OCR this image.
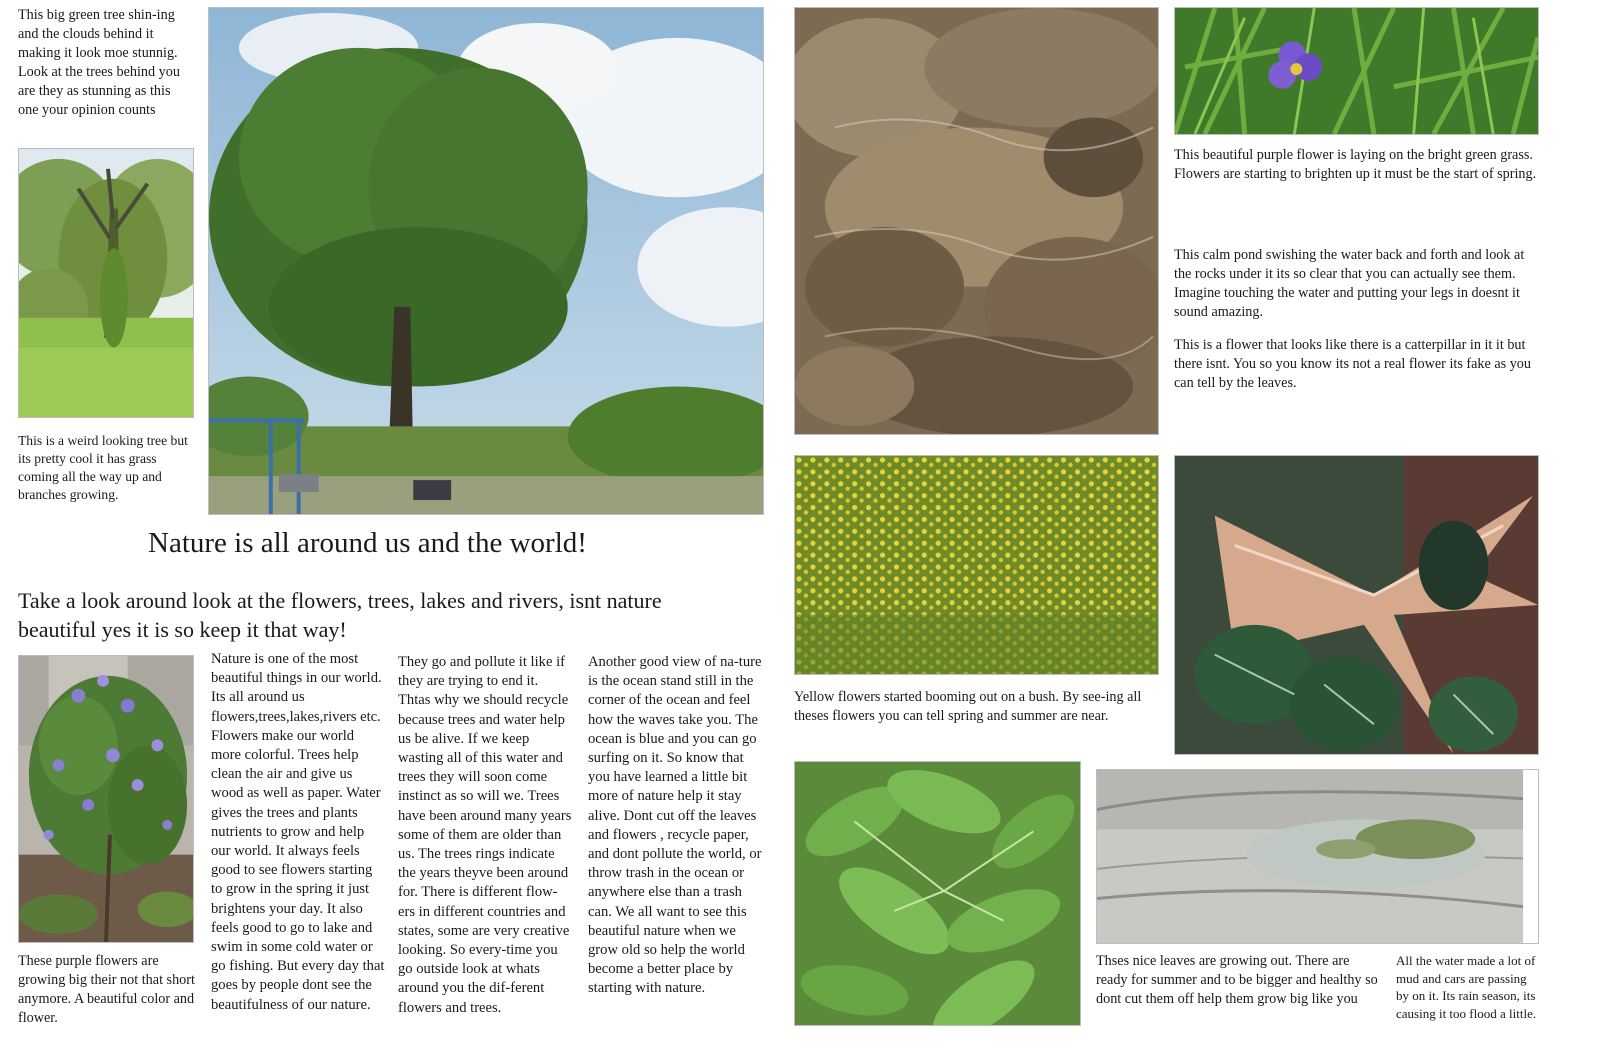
This big green tree shin-ing and the clouds behind it making it look moe stunnig. Look at the trees behind you are they as stunning as this one your opinion counts
This is a weird looking tree but its pretty cool it has grass coming all the way up and branches growing.
Nature is all around us and the world!
Take a look around look at the flowers, trees, lakes and rivers, isnt nature beautiful yes it is so keep it that way!
These purple flowers are growing big their not that short anymore. A beautiful color and flower.
Nature is one of the most beautiful things in our world. Its all around us flowers,trees,lakes,rivers etc. Flowers make our world more colorful. Trees help clean the air and give us wood as well as paper. Water gives the trees and plants nutrients to grow and help our world. It always feels good to see flowers starting to grow in the spring it just brightens your day. It also feels good to go to lake and swim in some cold water or go fishing. But every day that goes by people dont see the beautifulness of our nature.
They go and pollute it like if they are trying to end it. Thtas why we should recycle because trees and water help us be alive. If we keep wasting all of this water and trees they will soon come instinct as so will we. Trees have been around many years some of them are older than us. The trees rings indicate the years theyve been around for. There is different flow-ers in different countries and states, some are very creative looking. So every-time you go outside look at whats around you the dif-ferent flowers and trees.
Another good view of na-ture is the ocean stand still in the corner of the ocean and feel how the waves take you. The ocean is blue and you can go surfing on it. So know that you have learned a little bit more of nature help it stay alive. Dont cut off the leaves and flowers , recycle paper, and dont pollute the world, or throw trash in the ocean or anywhere else than a trash can. We all want to see this beautiful nature when we grow old so help the world become a better place by starting with nature.
This beautiful purple flower is laying on the bright green grass. Flowers are starting to brighten up it must be the start of spring.
This calm pond swishing the water back and forth and look at the rocks under it its so clear that you can actually see them. Imagine touching the water and putting your legs in doesnt it sound amazing.
This is a flower that looks like there is a catterpillar in it it but there isnt. You so you know its not a real flower its fake as you can tell by the leaves.
Yellow flowers started booming out on a bush. By see-ing all theses flowers you can tell spring and summer are near.
Thses nice leaves are growing out. There are ready for summer and to be bigger and healthy so dont cut them off help them grow big like you
All the water made a lot of mud and cars are passing by on it. Its rain season, its causing it too flood a little.
